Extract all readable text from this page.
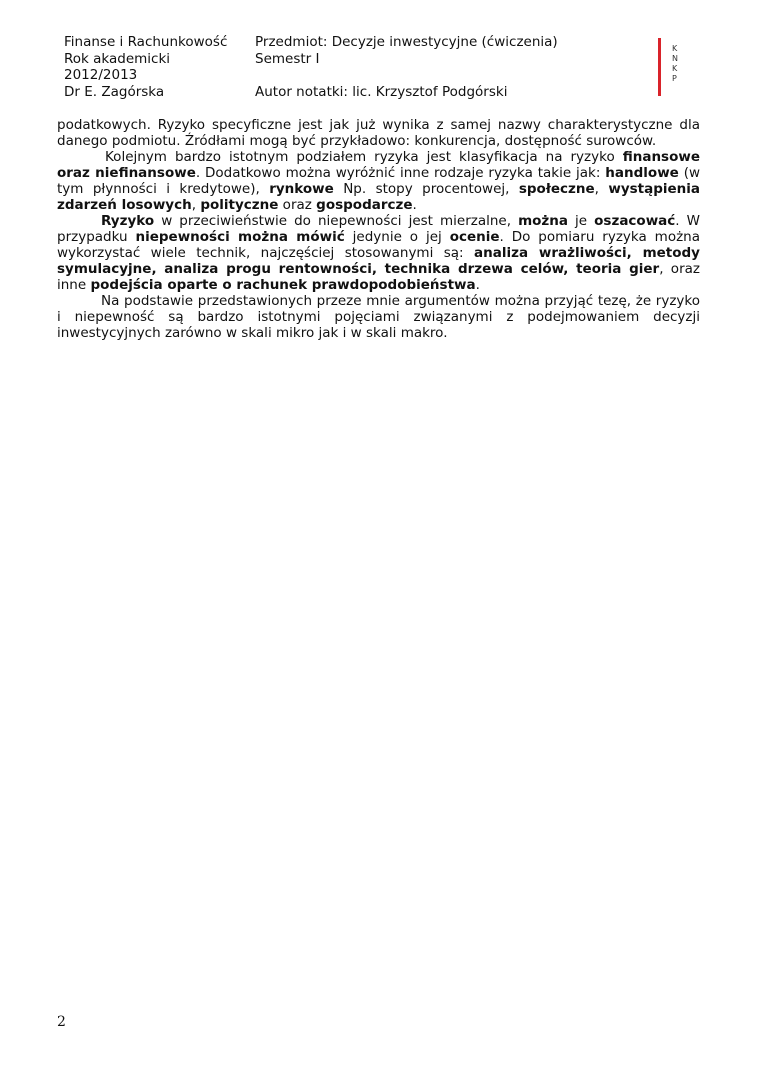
Finanse i Rachunkowość
Rok akademicki
2012/2013
Dr E. Zagórska
Przedmiot: Decyzje inwestycyjne (ćwiczenia)
Semestr I
Autor notatki: lic. Krzysztof Podgórski
K
N
K
P

podatkowych. Ryzyko specyficzne jest jak już wynika z samej nazwy charakterystyczne dla danego podmiotu. Źródłami mogą być przykładowo: konkurencja, dostępność surowców.

Kolejnym bardzo istotnym podziałem ryzyka jest klasyfikacja na ryzyko finansowe oraz niefinansowe. Dodatkowo można wyróżnić inne rodzaje ryzyka takie jak: handlowe (w tym płynności i kredytowe), rynkowe Np. stopy procentowej, społeczne, wystąpienia zdarzeń losowych, polityczne oraz gospodarcze.

Ryzyko w przeciwieństwie do niepewności jest mierzalne, można je oszacować. W przypadku niepewności można mówić jedynie o jej ocenie. Do pomiaru ryzyka można wykorzystać wiele technik, najczęściej stosowanymi są: analiza wrażliwości, metody symulacyjne, analiza progu rentowności, technika drzewa celów, teoria gier, oraz inne podejścia oparte o rachunek prawdopodobieństwa.

Na podstawie przedstawionych przeze mnie argumentów można przyjąć tezę, że ryzyko i niepewność są bardzo istotnymi pojęciami związanymi z podejmowaniem decyzji inwestycyjnych zarówno w skali mikro jak i w skali makro.

2
